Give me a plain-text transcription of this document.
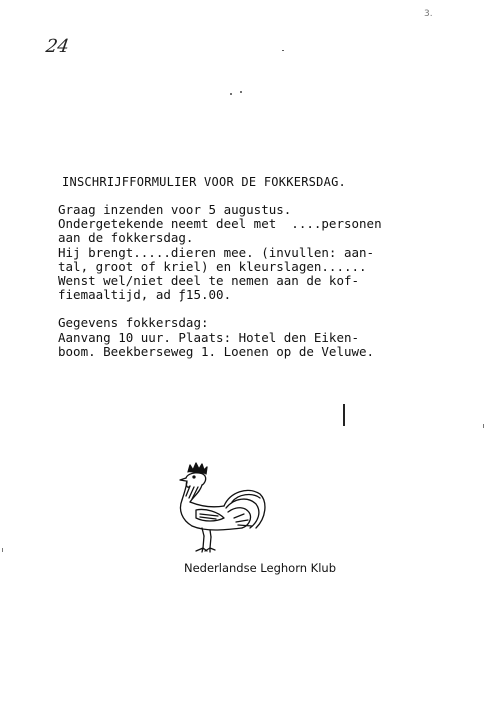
24
3.
INSCHRIJFFORMULIER VOOR DE FOKKERSDAG.
Graag inzenden voor 5 augustus.
Ondergetekende neemt deel met  ....personen
aan de fokkersdag.
Hij brengt.....dieren mee. (invullen: aan-
tal, groot of kriel) en kleurslagen......
Wenst wel/niet deel te nemen aan de kof-
fiemaaltijd, ad ƒ15.00.
Gegevens fokkersdag:
Aanvang 10 uur. Plaats: Hotel den Eiken-
boom. Beekberseweg 1. Loenen op de Veluwe.
Nederlandse Leghorn Klub
